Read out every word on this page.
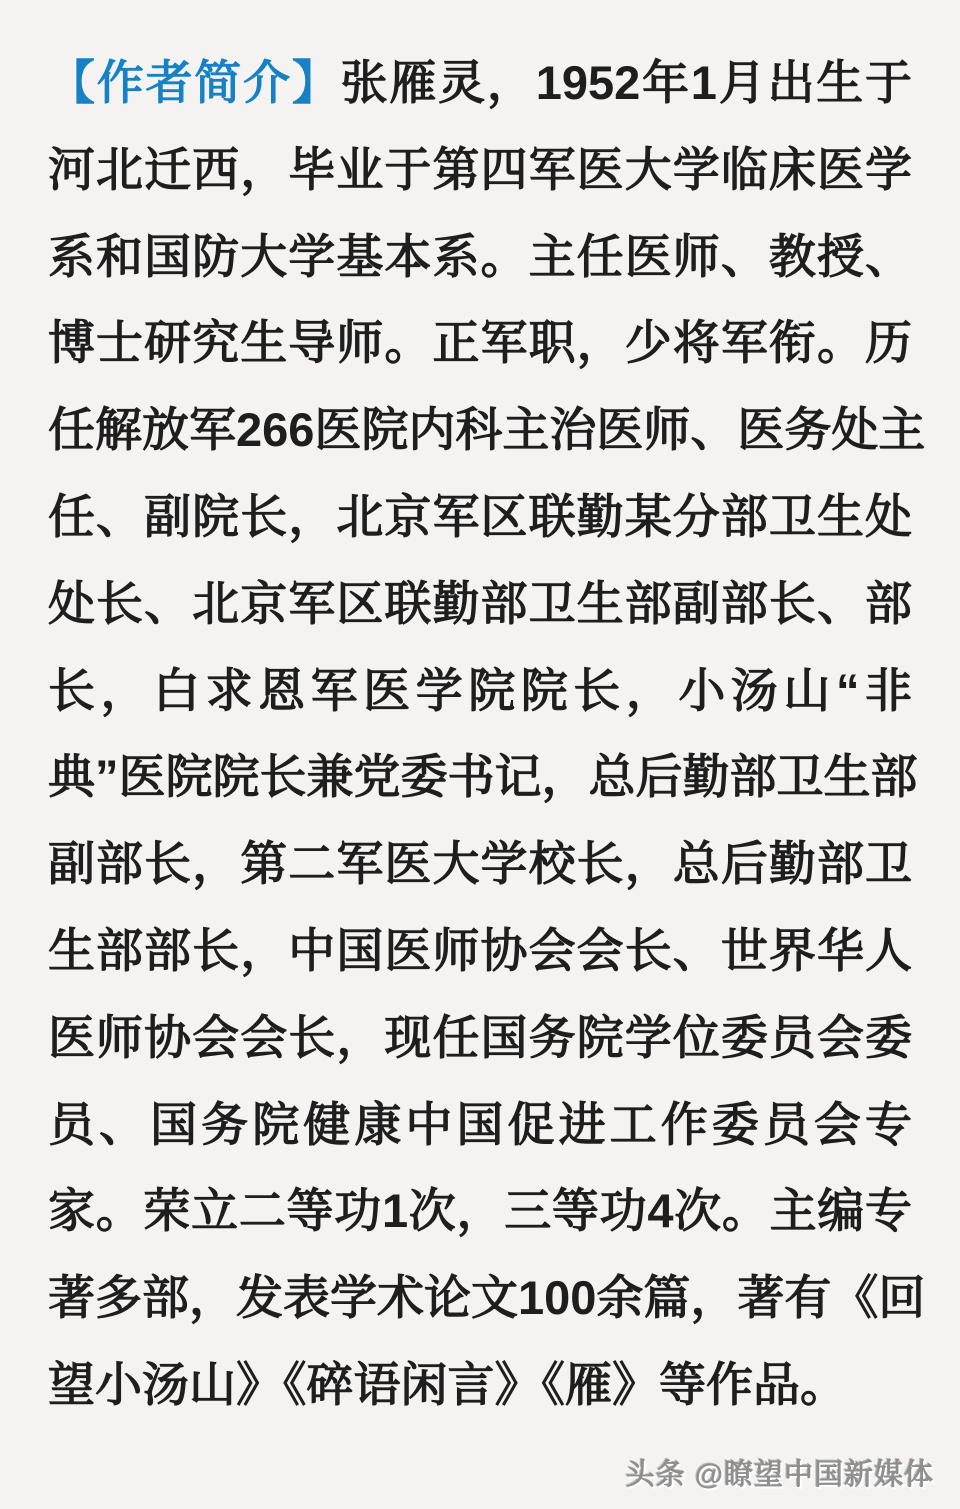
【作者简介】张雁灵，1952年1月出生于
河北迁西，毕业于第四军医大学临床医学
系和国防大学基本系。主任医师、教授、
博士研究生导师。正军职，少将军衔。历
任解放军266医院内科主治医师、医务处主
任、副院长，北京军区联勤某分部卫生处
处长、北京军区联勤部卫生部副部长、部
长，白求恩军医学院院长，小汤山“非
典”医院院长兼党委书记，总后勤部卫生部
副部长，第二军医大学校长，总后勤部卫
生部部长，中国医师协会会长、世界华人
医师协会会长，现任国务院学位委员会委
员、国务院健康中国促进工作委员会专
家。荣立二等功1次，三等功4次。主编专
著多部，发表学术论文100余篇，著有《回
望小汤山》《碎语闲言》《雁》等作品。
头条 @瞭望中国新媒体
